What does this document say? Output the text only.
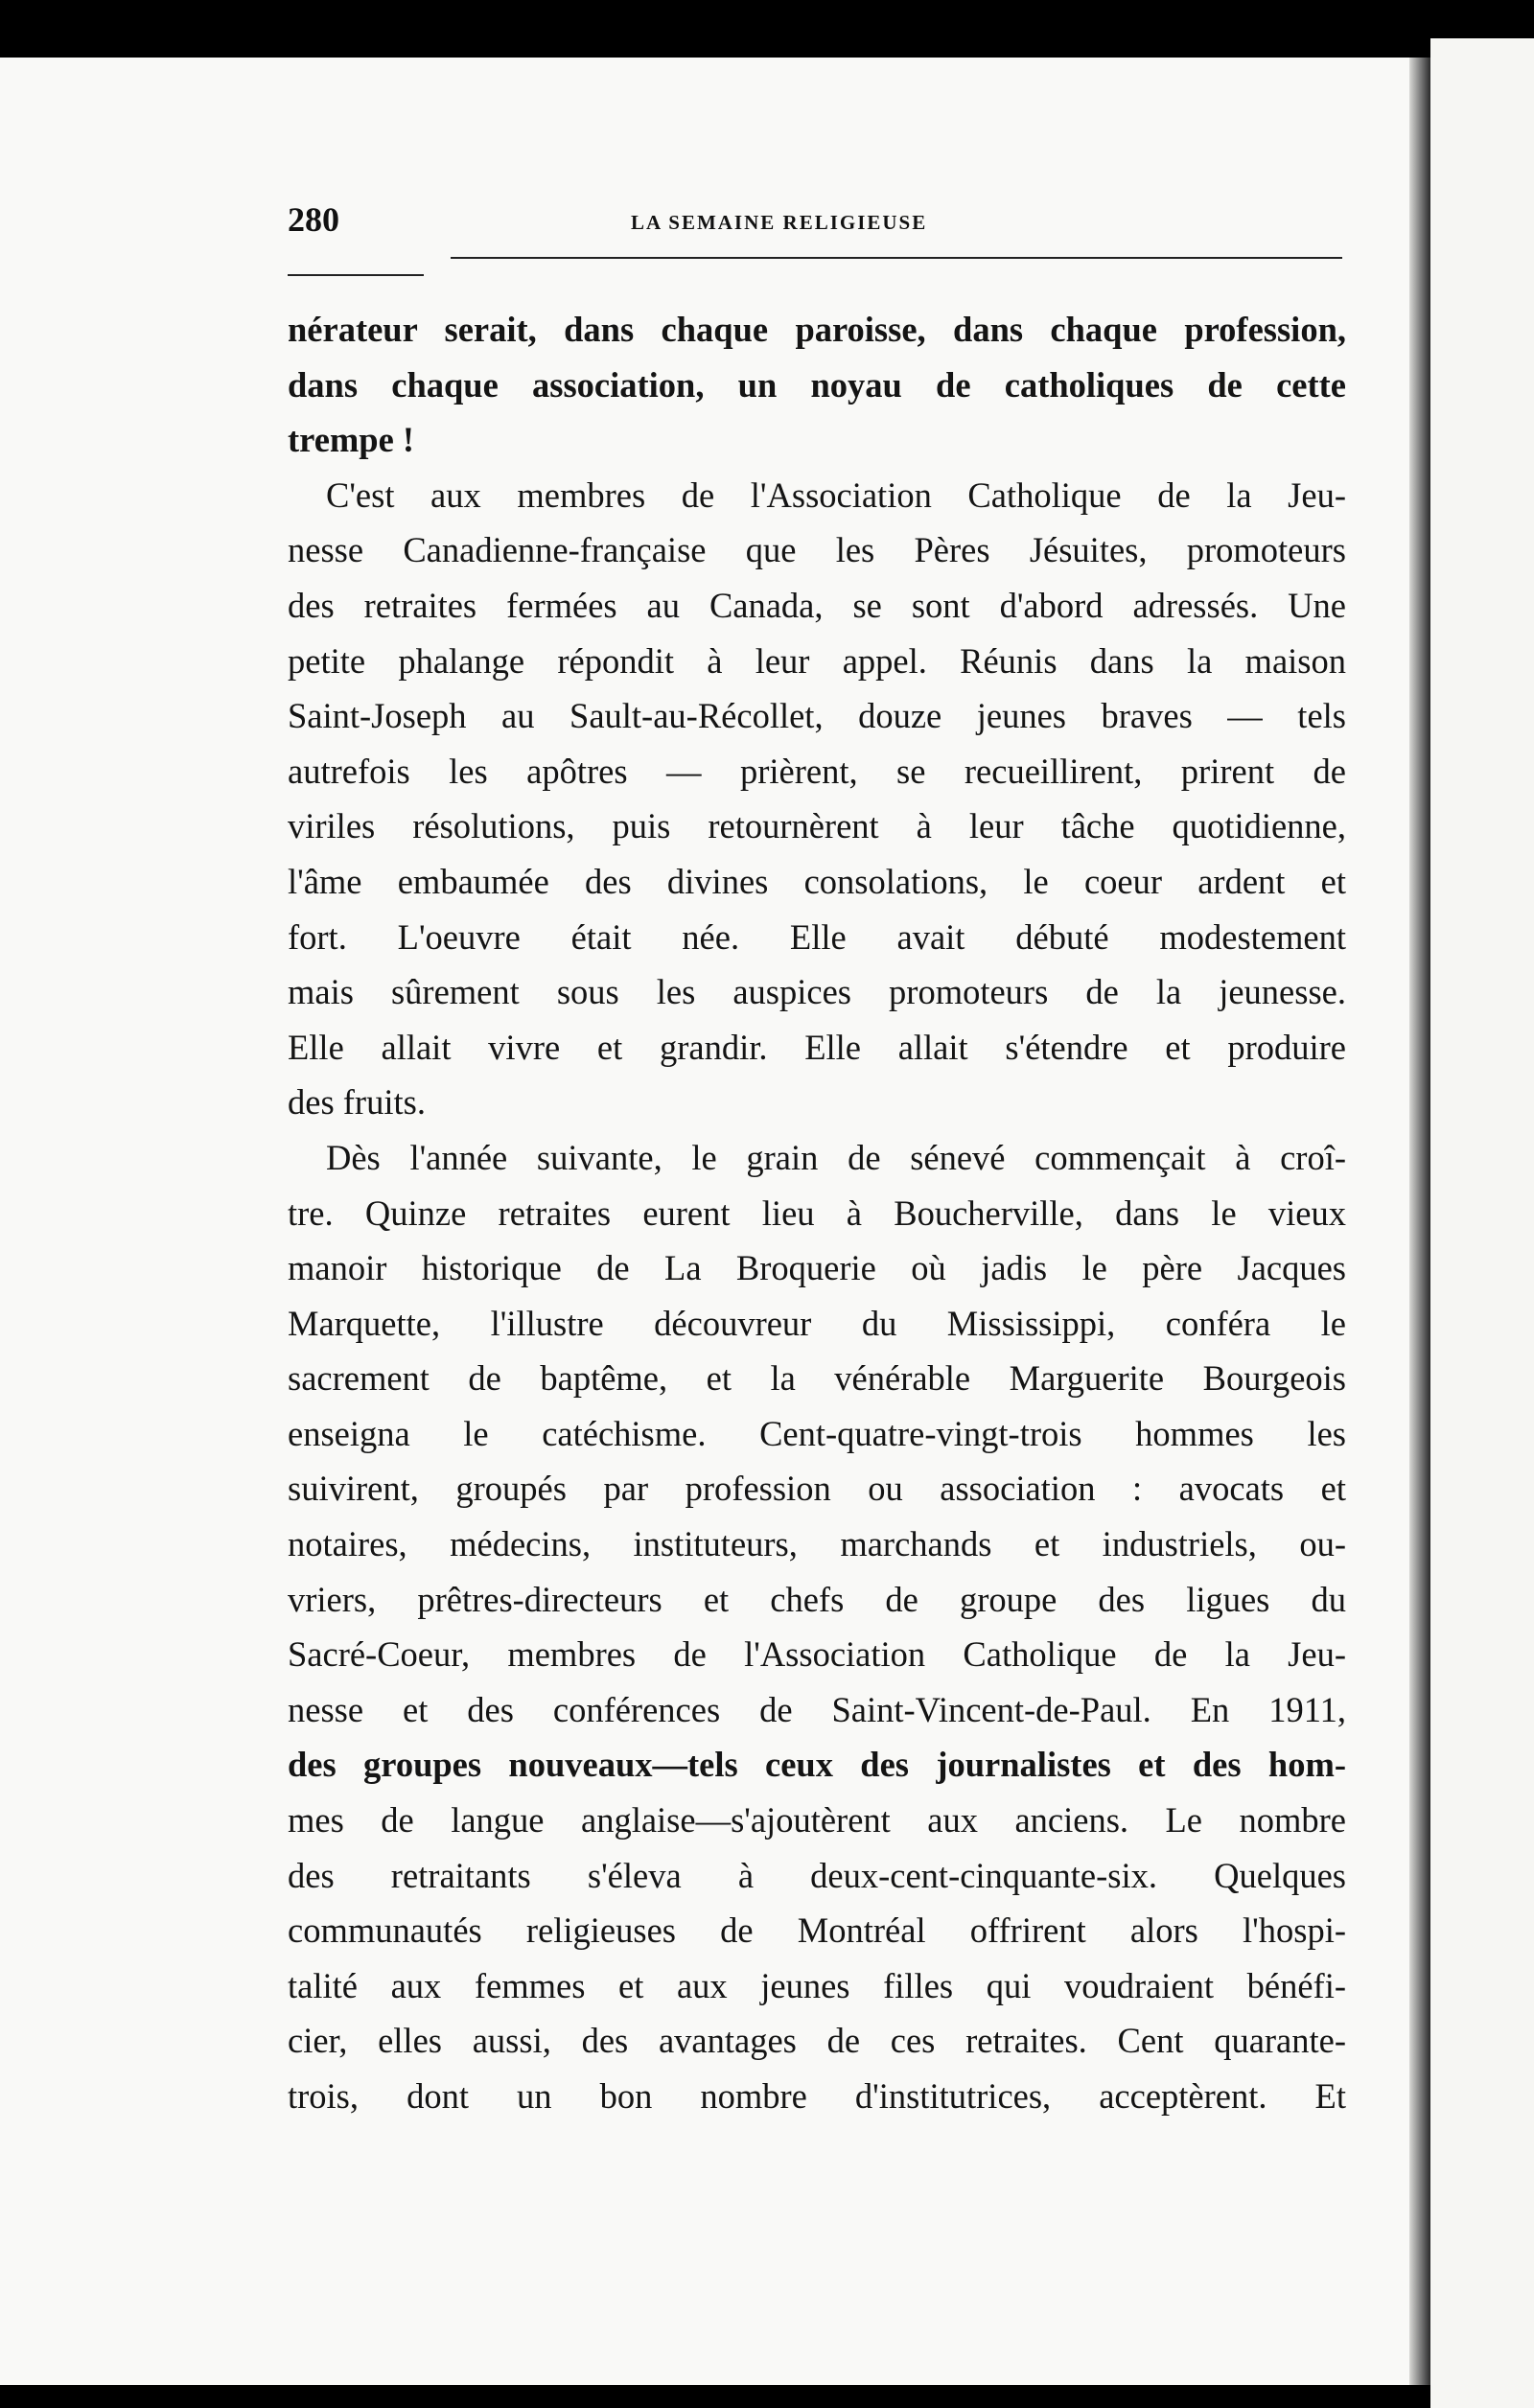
280	LA SEMAINE RELIGIEUSE
nérateur serait, dans chaque paroisse, dans chaque profession,
dans chaque association, un noyau de catholiques de cette
trempe !
C'est aux membres de l'Association Catholique de la Jeu-
nesse Canadienne-française que les Pères Jésuites, promoteurs
des retraites fermées au Canada, se sont d'abord adressés. Une
petite phalange répondit à leur appel. Réunis dans la maison
Saint-Joseph au Sault-au-Récollet, douze jeunes braves — tels
autrefois les apôtres — prièrent, se recueillirent, prirent de
viriles résolutions, puis retournèrent à leur tâche quotidienne,
l'âme embaumée des divines consolations, le coeur ardent et
fort. L'oeuvre était née. Elle avait débuté modestement
mais sûrement sous les auspices promoteurs de la jeunesse.
Elle allait vivre et grandir. Elle allait s'étendre et produire
des fruits.
Dès l'année suivante, le grain de sénevé commençait à croî-
tre. Quinze retraites eurent lieu à Boucherville, dans le vieux
manoir historique de La Broquerie où jadis le père Jacques
Marquette, l'illustre découvreur du Mississippi, conféra le
sacrement de baptême, et la vénérable Marguerite Bourgeois
enseigna le catéchisme. Cent-quatre-vingt-trois hommes les
suivirent, groupés par profession ou association : avocats et
notaires, médecins, instituteurs, marchands et industriels, ou-
vriers, prêtres-directeurs et chefs de groupe des ligues du
Sacré-Coeur, membres de l'Association Catholique de la Jeu-
nesse et des conférences de Saint-Vincent-de-Paul. En 1911,
des groupes nouveaux—tels ceux des journalistes et des hom-
mes de langue anglaise—s'ajoutèrent aux anciens. Le nombre
des retraitants s'éleva à deux-cent-cinquante-six. Quelques
communautés religieuses de Montréal offrirent alors l'hospi-
talité aux femmes et aux jeunes filles qui voudraient bénéfi-
cier, elles aussi, des avantages de ces retraites. Cent quarante-
trois, dont un bon nombre d'institutrices, acceptèrent. Et
